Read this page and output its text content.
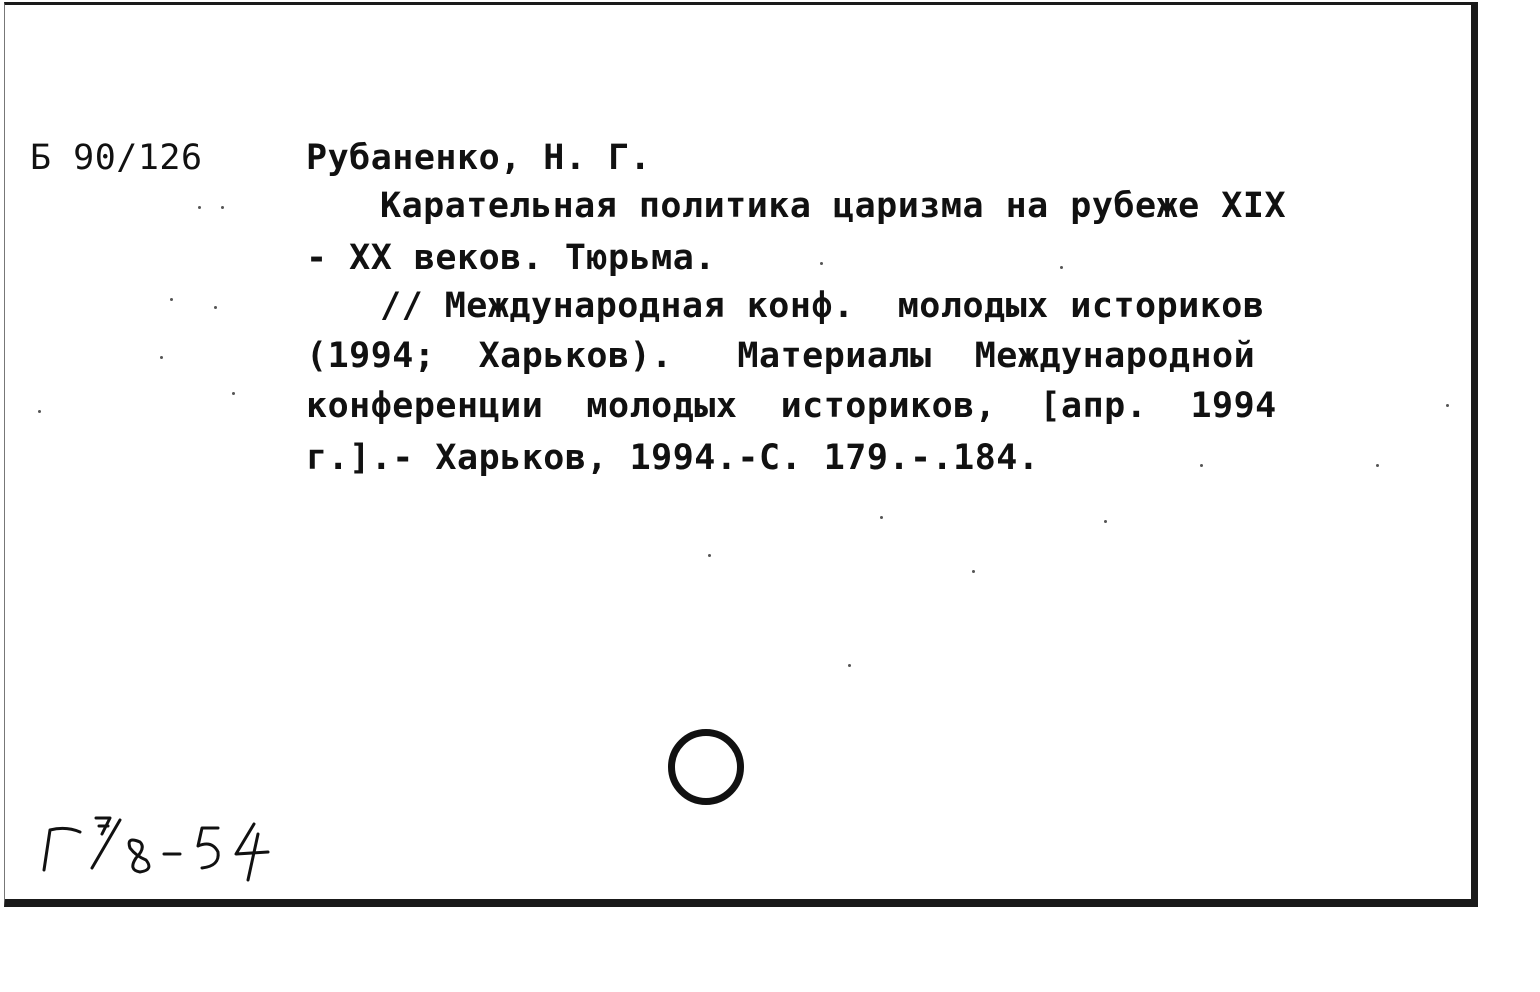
Б 90/126	Рубаненко, Н. Г.
Карательная политика царизма на рубеже XIX
- XX веков. Тюрьма.
// Международная конф.  молодых историков
(1994;  Харьков).   Материалы  Международной
конференции  молодых  историков,  [апр.  1994
г.].- Харьков, 1994.-С. 179.-.184.
